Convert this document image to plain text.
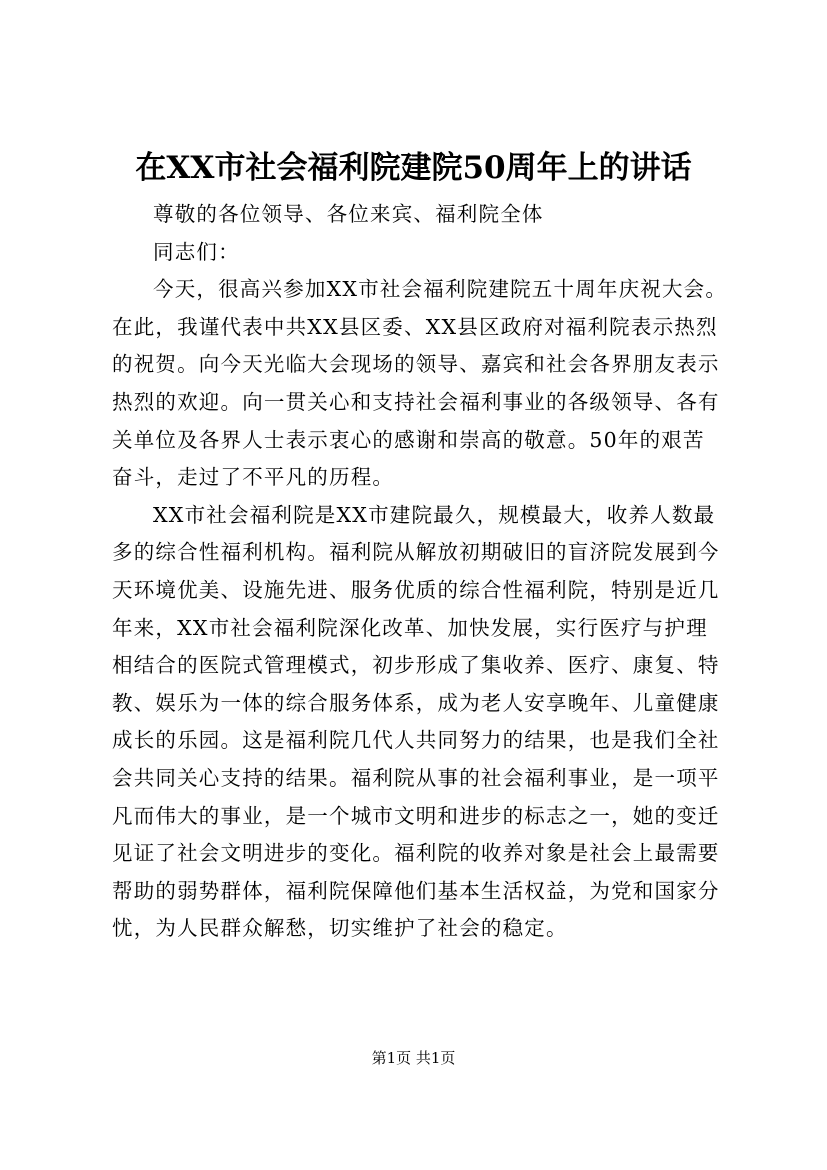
在XX市社会福利院建院50周年上的讲话
尊敬的各位领导、各位来宾、福利院全体
同志们：
今天，很高兴参加XX市社会福利院建院五十周年庆祝大会。
在此，我谨代表中共XX县区委、XX县区政府对福利院表示热烈
的祝贺。向今天光临大会现场的领导、嘉宾和社会各界朋友表示
热烈的欢迎。向一贯关心和支持社会福利事业的各级领导、各有
关单位及各界人士表示衷心的感谢和崇高的敬意。50年的艰苦
奋斗，走过了不平凡的历程。
XX市社会福利院是XX市建院最久，规模最大，收养人数最
多的综合性福利机构。福利院从解放初期破旧的盲济院发展到今
天环境优美、设施先进、服务优质的综合性福利院，特别是近几
年来，XX市社会福利院深化改革、加快发展，实行医疗与护理
相结合的医院式管理模式，初步形成了集收养、医疗、康复、特
教、娱乐为一体的综合服务体系，成为老人安享晚年、儿童健康
成长的乐园。这是福利院几代人共同努力的结果，也是我们全社
会共同关心支持的结果。福利院从事的社会福利事业，是一项平
凡而伟大的事业，是一个城市文明和进步的标志之一，她的变迁
见证了社会文明进步的变化。福利院的收养对象是社会上最需要
帮助的弱势群体，福利院保障他们基本生活权益，为党和国家分
忧，为人民群众解愁，切实维护了社会的稳定。
第1页 共1页
